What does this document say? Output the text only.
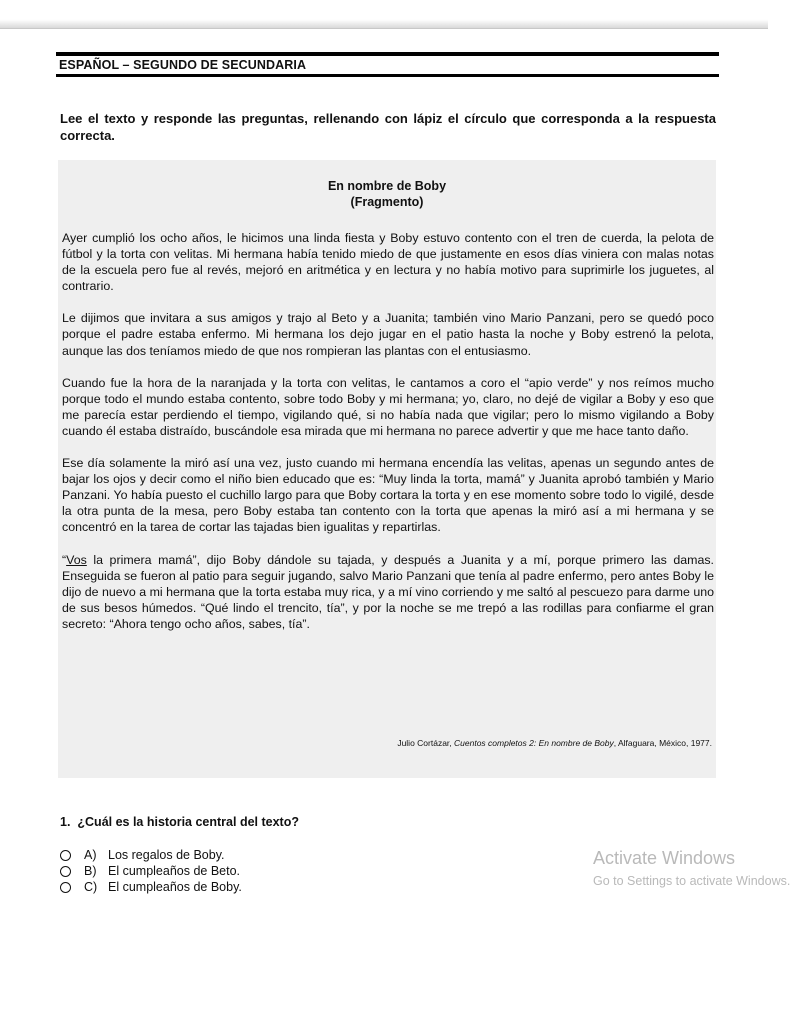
ESPAÑOL – SEGUNDO DE SECUNDARIA
Lee el texto y responde las preguntas, rellenando con lápiz el círculo que corresponda a la respuesta correcta.
En nombre de Boby
(Fragmento)

Ayer cumplió los ocho años, le hicimos una linda fiesta y Boby estuvo contento con el tren de cuerda, la pelota de fútbol y la torta con velitas. Mi hermana había tenido miedo de que justamente en esos días viniera con malas notas de la escuela pero fue al revés, mejoró en aritmética y en lectura y no había motivo para suprimirle los juguetes, al contrario.

Le dijimos que invitara a sus amigos y trajo al Beto y a Juanita; también vino Mario Panzani, pero se quedó poco porque el padre estaba enfermo. Mi hermana los dejo jugar en el patio hasta la noche y Boby estrenó la pelota, aunque las dos teníamos miedo de que nos rompieran las plantas con el entusiasmo.

Cuando fue la hora de la naranjada y la torta con velitas, le cantamos a coro el “apio verde” y nos reímos mucho porque todo el mundo estaba contento, sobre todo Boby y mi hermana; yo, claro, no dejé de vigilar a Boby y eso que me parecía estar perdiendo el tiempo, vigilando qué, si no había nada que vigilar; pero lo mismo vigilando a Boby cuando él estaba distraído, buscándole esa mirada que mi hermana no parece advertir y que me hace tanto daño.

Ese día solamente la miró así una vez, justo cuando mi hermana encendía las velitas, apenas un segundo antes de bajar los ojos y decir como el niño bien educado que es: “Muy linda la torta, mamá” y Juanita aprobó también y Mario Panzani. Yo había puesto el cuchillo largo para que Boby cortara la torta y en ese momento sobre todo lo vigilé, desde la otra punta de la mesa, pero Boby estaba tan contento con la torta que apenas la miró así a mi hermana y se concentró en la tarea de cortar las tajadas bien igualitas y repartirlas.

“Vos la primera mamá”, dijo Boby dándole su tajada, y después a Juanita y a mí, porque primero las damas. Enseguida se fueron al patio para seguir jugando, salvo Mario Panzani que tenía al padre enfermo, pero antes Boby le dijo de nuevo a mi hermana que la torta estaba muy rica, y a mí vino corriendo y me saltó al pescuezo para darme uno de sus besos húmedos. “Qué lindo el trencito, tía”, y por la noche se me trepó a las rodillas para confiarme el gran secreto: “Ahora tengo ocho años, sabes, tía”.

Julio Cortázar, Cuentos completos 2: En nombre de Boby, Alfaguara, México, 1977.
1. ¿Cuál es la historia central del texto?
A) Los regalos de Boby.
B) El cumpleaños de Beto.
C) El cumpleaños de Boby.
Activate Windows
Go to Settings to activate Windows.
